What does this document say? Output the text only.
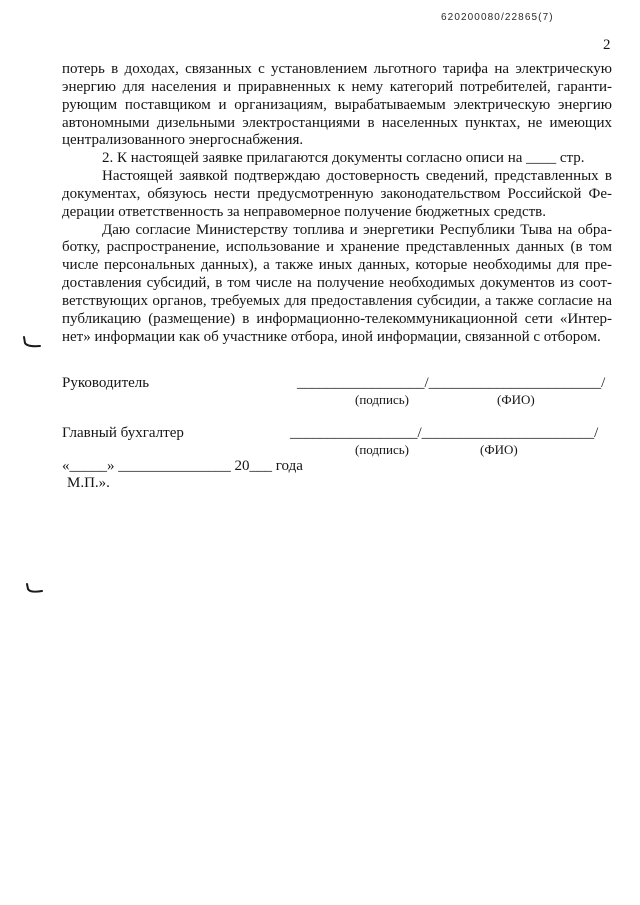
620200080/22865(7)
2
потерь в доходах, связанных с установлением льготного тарифа на электрическую
энергию для населения и приравненных к нему категорий потребителей, гаранти-
рующим поставщиком и организациям, вырабатываемым электрическую энергию
автономными дизельными электростанциями в населенных пунктах, не имеющих
централизованного энергоснабжения.
2. К настоящей заявке прилагаются документы согласно описи на ____ стр.
Настоящей заявкой подтверждаю достоверность сведений, представленных в
документах, обязуюсь нести предусмотренную законодательством Российской Фе-
дерации ответственность за неправомерное получение бюджетных средств.
Даю согласие Министерству топлива и энергетики Республики Тыва на обра-
ботку, распространение, использование и хранение представленных данных (в том
числе персональных данных), а также иных данных, которые необходимы для пре-
доставления субсидий, в том числе на получение необходимых документов из соот-
ветствующих органов, требуемых для предоставления субсидии, а также согласие на
публикацию (размещение) в информационно-телекоммуникационной сети «Интер-
нет» информации как об участнике отбора, иной информации, связанной с отбором.
Руководитель	_________________/_______________________/
(подпись)	(ФИО)
Главный бухгалтер	_________________/_______________________/
(подпись)	(ФИО)
«_____» _______________ 20___ года
М.П.».
